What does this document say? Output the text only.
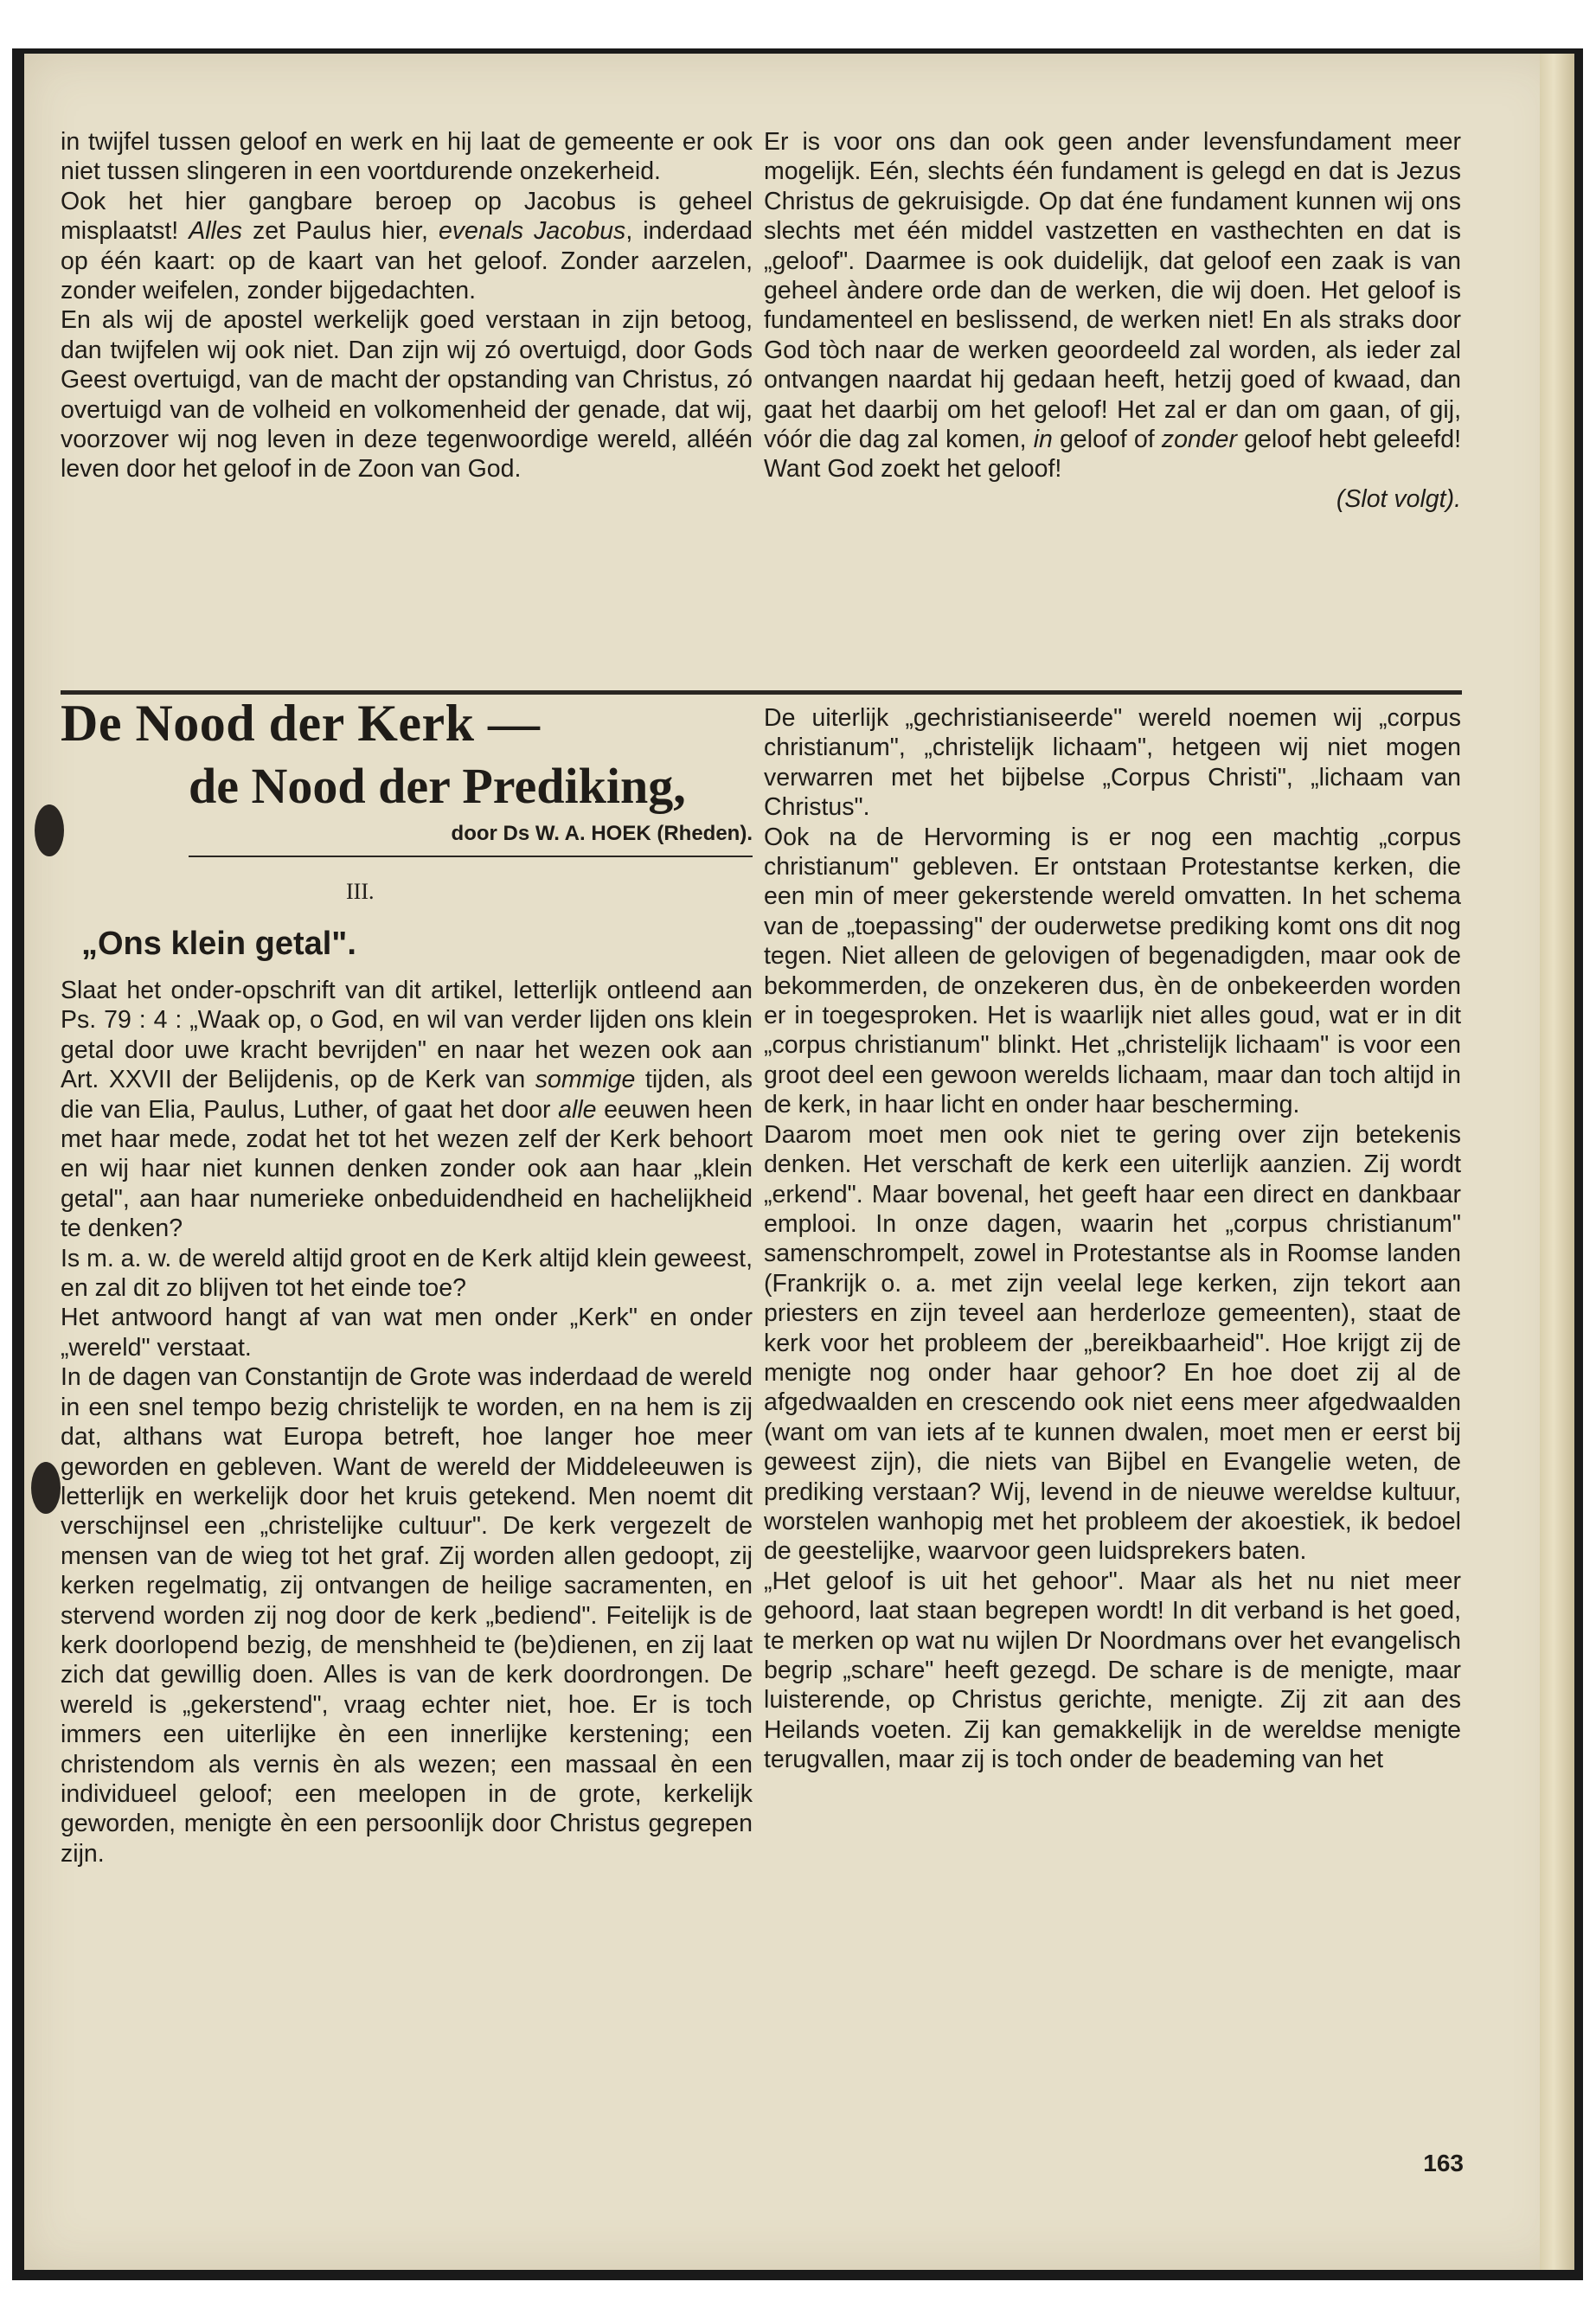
in twijfel tussen geloof en werk en hij laat de gemeente er ook niet tussen slingeren in een voortdurende onzekerheid.

Ook het hier gangbare beroep op Jacobus is geheel misplaatst! Alles zet Paulus hier, evenals Jacobus, inderdaad op één kaart: op de kaart van het geloof. Zonder aarzelen, zonder weifelen, zonder bijgedachten.

En als wij de apostel werkelijk goed verstaan in zijn betoog, dan twijfelen wij ook niet. Dan zijn wij zó overtuigd, door Gods Geest overtuigd, van de macht der opstanding van Christus, zó overtuigd van de volheid en volkomenheid der genade, dat wij, voorzover wij nog leven in deze tegenwoordige wereld, alléén leven door het geloof in de Zoon van God.

Er is voor ons dan ook geen ander levensfundament meer mogelijk. Eén, slechts één fundament is gelegd en dat is Jezus Christus de gekruisigde. Op dat éne fundament kunnen wij ons slechts met één middel vastzetten en vasthechten en dat is „geloof". Daarmee is ook duidelijk, dat geloof een zaak is van geheel àndere orde dan de werken, die wij doen. Het geloof is fundamenteel en beslissend, de werken niet! En als straks door God tòch naar de werken geoordeeld zal worden, als ieder zal ontvangen naardat hij gedaan heeft, hetzij goed of kwaad, dan gaat het daarbij om het geloof! Het zal er dan om gaan, of gij, vóór die dag zal komen, in geloof of zonder geloof hebt geleefd! Want God zoekt het geloof!

(Slot volgt).

De Nood der Kerk —
de Nood der Prediking,
door Ds W. A. HOEK (Rheden).
III.
„Ons klein getal".

Slaat het onder-opschrift van dit artikel, letterlijk ontleend aan Ps. 79 : 4 : „Waak op, o God, en wil van verder lijden ons klein getal door uwe kracht bevrijden" en naar het wezen ook aan Art. XXVII der Belijdenis, op de Kerk van sommige tijden, als die van Elia, Paulus, Luther, of gaat het door alle eeuwen heen met haar mede, zodat het tot het wezen zelf der Kerk behoort en wij haar niet kunnen denken zonder ook aan haar „klein getal", aan haar numerieke onbeduidendheid en hachelijkheid te denken?

Is m. a. w. de wereld altijd groot en de Kerk altijd klein geweest, en zal dit zo blijven tot het einde toe?

Het antwoord hangt af van wat men onder „Kerk" en onder „wereld" verstaat.

In de dagen van Constantijn de Grote was inderdaad de wereld in een snel tempo bezig christelijk te worden, en na hem is zij dat, althans wat Europa betreft, hoe langer hoe meer geworden en gebleven. Want de wereld der Middeleeuwen is letterlijk en werkelijk door het kruis getekend. Men noemt dit verschijnsel een „christelijke cultuur". De kerk vergezelt de mensen van de wieg tot het graf. Zij worden allen gedoopt, zij kerken regelmatig, zij ontvangen de heilige sacramenten, en stervend worden zij nog door de kerk „bediend". Feitelijk is de kerk doorlopend bezig, de menshheid te (be)dienen, en zij laat zich dat gewillig doen. Alles is van de kerk doordrongen. De wereld is „gekerstend", vraag echter niet, hoe. Er is toch immers een uiterlijke èn een innerlijke kerstening; een christendom als vernis èn als wezen; een massaal èn een individueel geloof; een meelopen in de grote, kerkelijk geworden, menigte èn een persoonlijk door Christus gegrepen zijn.

De uiterlijk „gechristianiseerde" wereld noemen wij „corpus christianum", „christelijk lichaam", hetgeen wij niet mogen verwarren met het bijbelse „Corpus Christi", „lichaam van Christus".

Ook na de Hervorming is er nog een machtig „corpus christianum" gebleven. Er ontstaan Protestantse kerken, die een min of meer gekerstende wereld omvatten. In het schema van de „toepassing" der ouderwetse prediking komt ons dit nog tegen. Niet alleen de gelovigen of begenadigden, maar ook de bekommerden, de onzekeren dus, èn de onbekeerden worden er in toegesproken. Het is waarlijk niet alles goud, wat er in dit „corpus christianum" blinkt. Het „christelijk lichaam" is voor een groot deel een gewoon werelds lichaam, maar dan toch altijd in de kerk, in haar licht en onder haar bescherming.

Daarom moet men ook niet te gering over zijn betekenis denken. Het verschaft de kerk een uiterlijk aanzien. Zij wordt „erkend". Maar bovenal, het geeft haar een direct en dankbaar emplooi. In onze dagen, waarin het „corpus christianum" samenschrompelt, zowel in Protestantse als in Roomse landen (Frankrijk o. a. met zijn veelal lege kerken, zijn tekort aan priesters en zijn teveel aan herderloze gemeenten), staat de kerk voor het probleem der „bereikbaarheid". Hoe krijgt zij de menigte nog onder haar gehoor? En hoe doet zij al de afgedwaalden en crescendo ook niet eens meer afgedwaalden (want om van iets af te kunnen dwalen, moet men er eerst bij geweest zijn), die niets van Bijbel en Evangelie weten, de prediking verstaan? Wij, levend in de nieuwe wereldse kultuur, worstelen wanhopig met het probleem der akoestiek, ik bedoel de geestelijke, waarvoor geen luidsprekers baten.

„Het geloof is uit het gehoor". Maar als het nu niet meer gehoord, laat staan begrepen wordt! In dit verband is het goed, te merken op wat nu wijlen Dr Noordmans over het evangelisch begrip „schare" heeft gezegd. De schare is de menigte, maar luisterende, op Christus gerichte, menigte. Zij zit aan des Heilands voeten. Zij kan gemakkelijk in de wereldse menigte terugvallen, maar zij is toch onder de beademing van het

163
